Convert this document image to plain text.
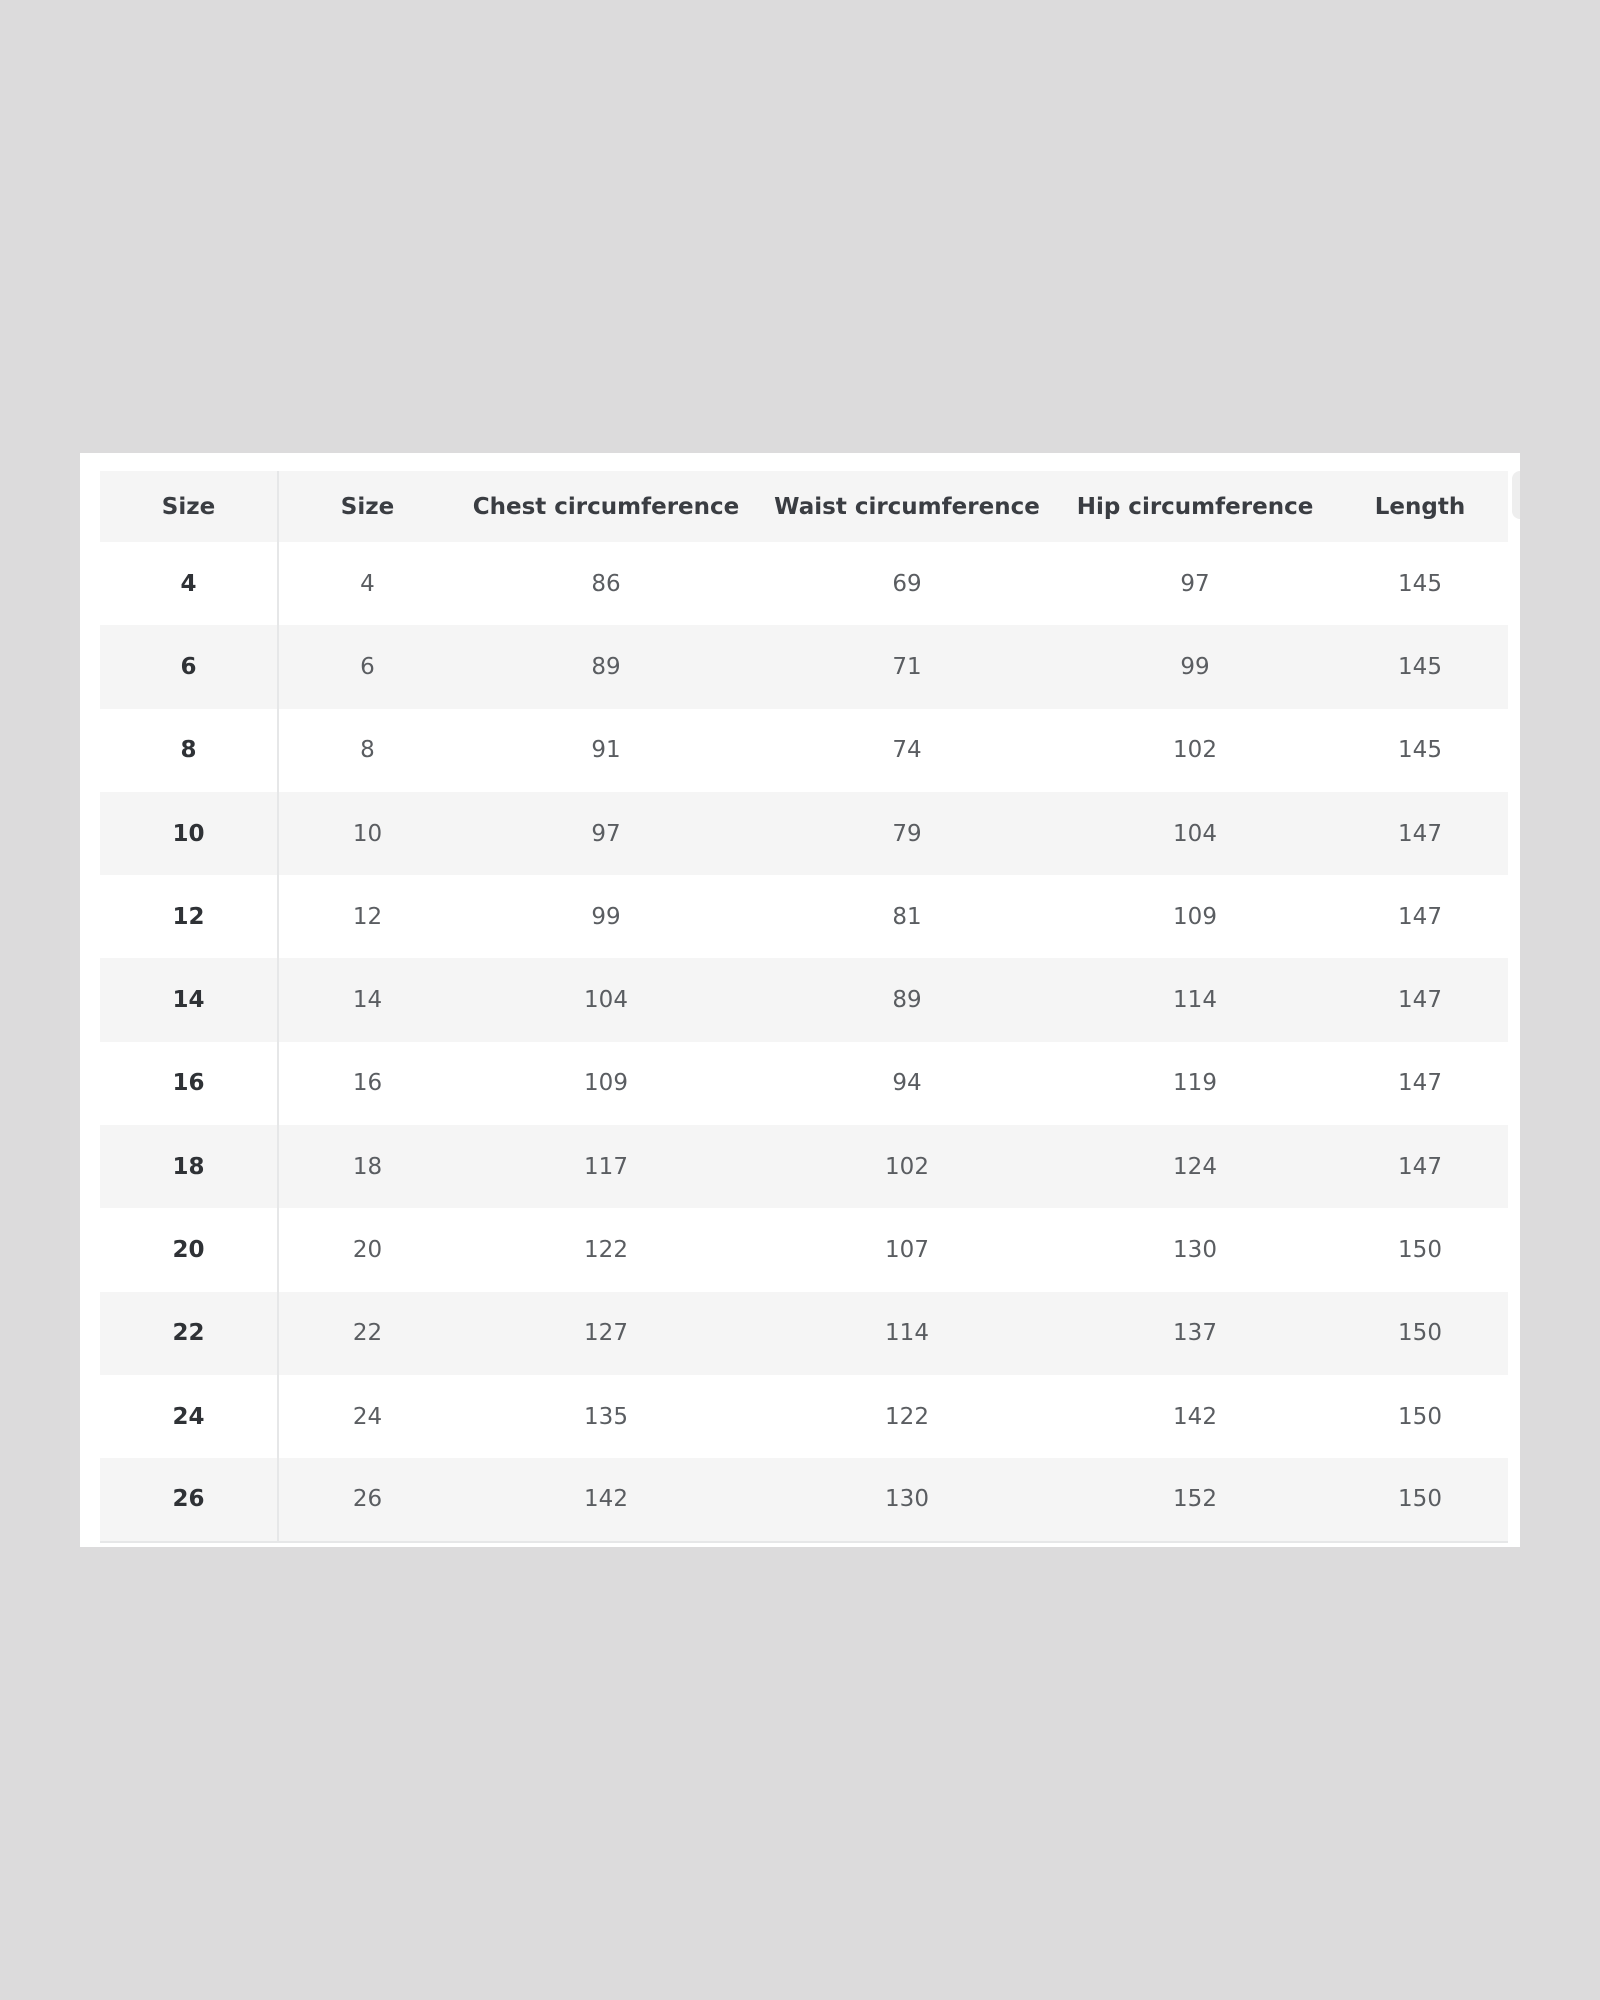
Size	Size	Chest circumference	Waist circumference	Hip circumference	Length
4	4	86	69	97	145
6	6	89	71	99	145
8	8	91	74	102	145
10	10	97	79	104	147
12	12	99	81	109	147
14	14	104	89	114	147
16	16	109	94	119	147
18	18	117	102	124	147
20	20	122	107	130	150
22	22	127	114	137	150
24	24	135	122	142	150
26	26	142	130	152	150
